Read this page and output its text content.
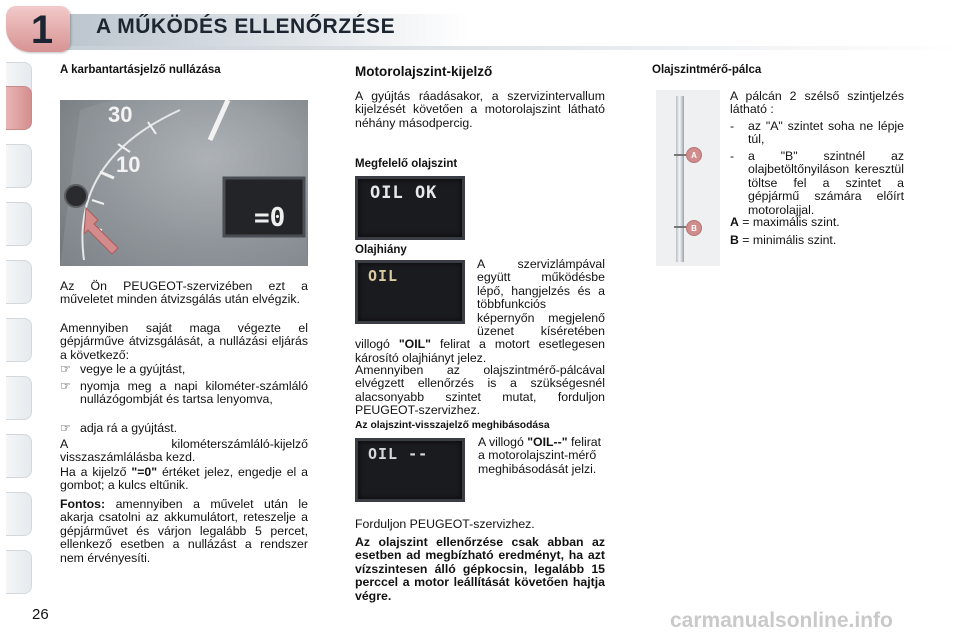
1	A MŰKÖDÉS ELLENŐRZÉSE
A karbantartásjelző nullázása
30
10
=0
Az Ön PEUGEOT-szervizében ezt a műveletet minden átvizsgálás után elvégzik.
Amennyiben saját maga végezte el gépjárműve átvizsgálását, a nullázási eljárás a következő:
☞ vegye le a gyújtást,
☞ nyomja meg a napi kilométer-számláló nullázógombját és tartsa lenyomva,
☞ adja rá a gyújtást.
A kilométerszámláló-kijelző visszaszámlálásba kezd.
Ha a kijelző "=0" értéket jelez, engedje el a gombot; a kulcs eltűnik.
Fontos: amennyiben a művelet után le akarja csatolni az akkumulátort, reteszelje a gépjárművet és várjon legalább 5 percet, ellenkező esetben a nullázást a rendszer nem érvényesíti.
Motorolajszint-kijelző
A gyújtás ráadásakor, a szervizintervallum kijelzését követően a motorolajszint látható néhány másodpercig.
Megfelelő olajszint
OIL OK
Olajhiány
OIL
A szervizlámpával együtt működésbe lépő, hangjelzés és a többfunkciós képernyőn megjelenő üzenet kíséretében villogó "OIL" felirat a motort esetlegesen károsító olajhiányt jelez.
Amennyiben az olajszintmérő-pálcával elvégzett ellenőrzés is a szükségesnél alacsonyabb szintet mutat, forduljon PEUGEOT-szervizhez.
Az olajszint-visszajelző meghibásodása
OIL --
A villogó "OIL--" felirat a motorolajszint-mérő meghibásodását jelzi.
Forduljon PEUGEOT-szervizhez.
Az olajszint ellenőrzése csak abban az esetben ad megbízható eredményt, ha azt vízszintesen álló gépkocsin, legalább 15 perccel a motor leállítását követően hajtja végre.
Olajszintmérő-pálca
A
B
A pálcán 2 szélső szintjelzés látható :
- az "A" szintet soha ne lépje túl,
- a "B" szintnél az olajbetöltőnyiláson keresztül töltse fel a szintet a gépjármű számára előírt motorolajjal.
A = maximális szint.
B = minimális szint.
26	carmanualsonline.info
